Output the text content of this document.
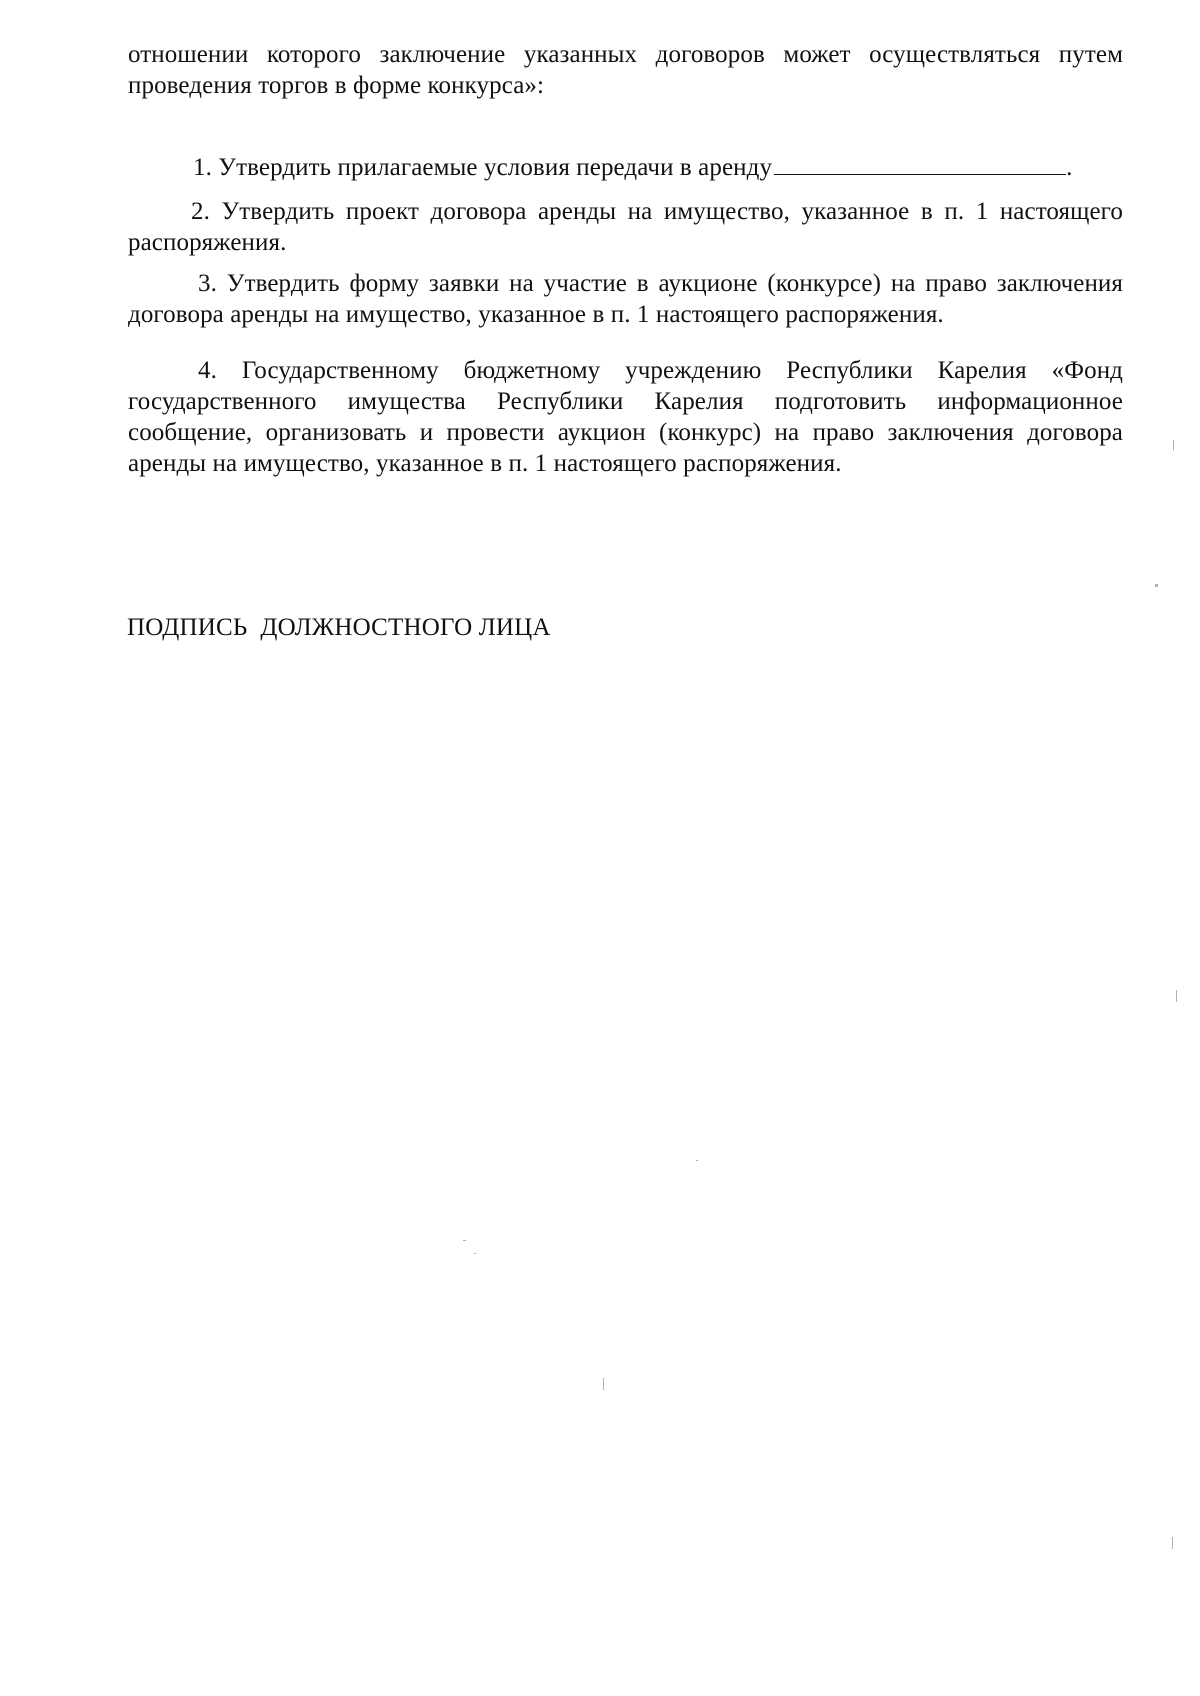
отношении которого заключение указанных договоров может осуществляться путем проведения торгов в форме конкурса»:

1. Утвердить прилагаемые условия передачи в аренду	.

2. Утвердить проект договора аренды на имущество, указанное в п. 1 настоящего распоряжения.

3. Утвердить форму заявки на участие в аукционе (конкурсе) на право заключения договора аренды на имущество, указанное в п. 1 настоящего распоряжения.

4. Государственному бюджетному учреждению Республики Карелия «Фонд государственного имущества Республики Карелия подготовить информационное сообщение, организовать и провести аукцион (конкурс) на право заключения договора аренды на имущество, указанное в п. 1 настоящего распоряжения.

ПОДПИСЬ  ДОЛЖНОСТНОГО ЛИЦА
